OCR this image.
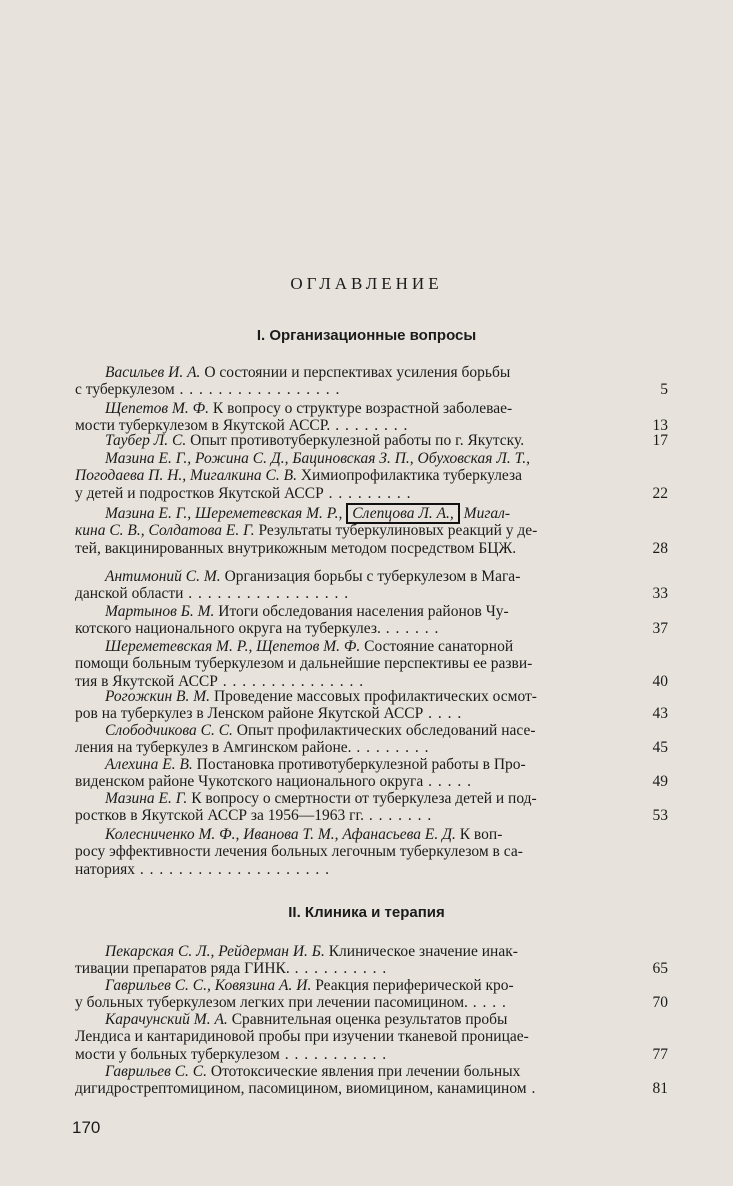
ОГЛАВЛЕНИЕ
I. Организационные вопросы
Васильев И. А. О состоянии и перспективах усиления борьбы
с туберкулезом . . . . . . . . . . . . . . . . .	5
Щепетов М. Ф. К вопросу о структуре возрастной заболевае-
мости туберкулезом в Якутской АССР. . . . . . . . .	13
Таубер Л. С. Опыт противотуберкулезной работы по г. Якутску.	17
Мазина Е. Г., Рожина С. Д., Бациновская З. П., Обуховская Л. Т.,
Погодаева П. Н., Мигалкина С. В. Химиопрофилактика туберкулеза
у детей и подростков Якутской АССР . . . . . . . . .	22
Мазина Е. Г., Шереметевская М. Р., Слепцова Л. А., Мигал-
кина С. В., Солдатова Е. Г. Результаты туберкулиновых реакций у де-
тей, вакцинированных внутрикожным методом посредством БЦЖ.	28
Антимоний С. М. Организация борьбы с туберкулезом в Мага-
данской области . . . . . . . . . . . . . . . . .	33
Мартынов Б. М. Итоги обследования населения районов Чу-
котского национального округа на туберкулез. . . . . . .	37
Шереметевская М. Р., Щепетов М. Ф. Состояние санаторной
помощи больным туберкулезом и дальнейшие перспективы ее разви-
тия в Якутской АССР . . . . . . . . . . . . . . .	40
Рогожкин В. М. Проведение массовых профилактических осмот-
ров на туберкулез в Ленском районе Якутской АССР . . . .	43
Слободчикова С. С. Опыт профилактических обследований насе-
ления на туберкулез в Амгинском районе. . . . . . . . .	45
Алехина Е. В. Постановка противотуберкулезной работы в Про-
виденском районе Чукотского национального округа . . . . .	49
Мазина Е. Г. К вопросу о смертности от туберкулеза детей и под-
ростков в Якутской АССР за 1956—1963 гг. . . . . . . .	53
Колесниченко М. Ф., Иванова Т. М., Афанасьева Е. Д. К воп-
росу эффективности лечения больных легочным туберкулезом в са-
наториях . . . . . . . . . . . . . . . . . . . .
II. Клиника и терапия
Пекарская С. Л., Рейдерман И. Б. Клиническое значение инак-
тивации препаратов ряда ГИНК. . . . . . . . . . .	65
Гаврильев С. С., Ковязина А. И. Реакция периферической кро-
у больных туберкулезом легких при лечении пасомицином. . . . .	70
Карачунский М. А. Сравнительная оценка результатов пробы
Лендиса и кантаридиновой пробы при изучении тканевой проницае-
мости у больных туберкулезом . . . . . . . . . . .	77
Гаврильев С. С. Ототоксические явления при лечении больных
дигидрострептомицином, пасомицином, виомицином, канамицином .	81
170
